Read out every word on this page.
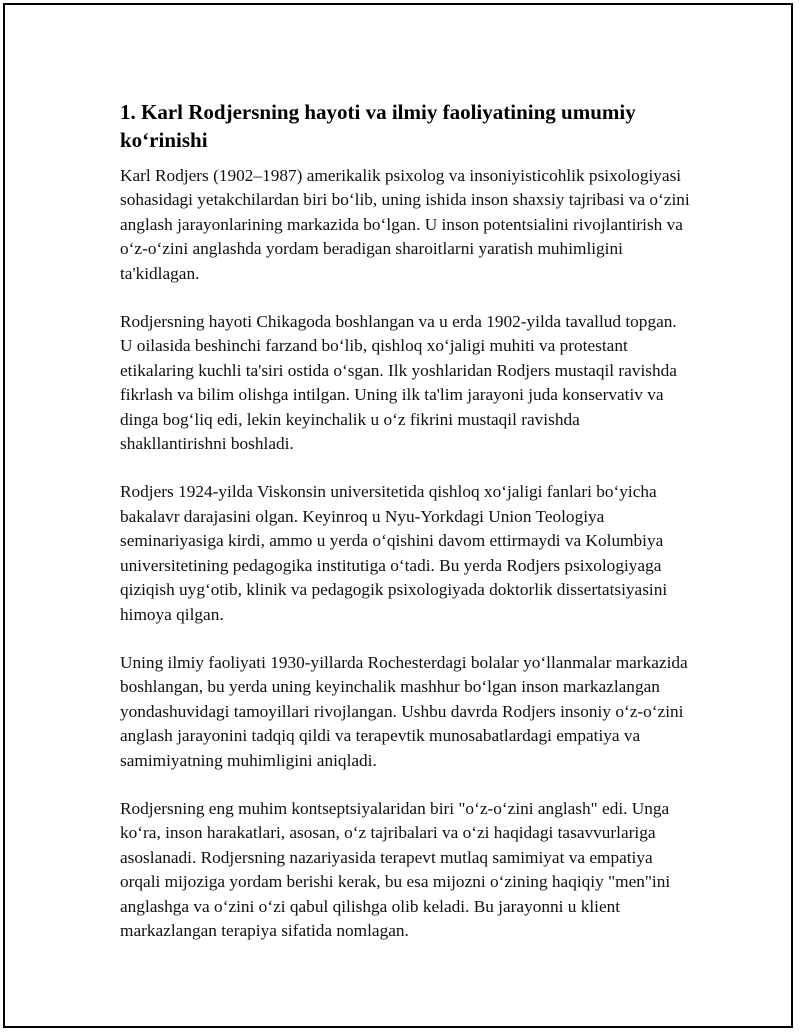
1. Karl Rodjersning hayoti va ilmiy faoliyatining umumiy ko‘rinishi

Karl Rodjers (1902–1987) amerikalik psixolog va insoniyisticohlik psixologiyasi sohasidagi yetakchilardan biri bo‘lib, uning ishida inson shaxsiy tajribasi va o‘zini anglash jarayonlarining markazida bo‘lgan. U inson potentsialini rivojlantirish va o‘z-o‘zini anglashda yordam beradigan sharoitlarni yaratish muhimligini ta'kidlagan.

Rodjersning hayoti Chikagoda boshlangan va u erda 1902-yilda tavallud topgan. U oilasida beshinchi farzand bo‘lib, qishloq xo‘jaligi muhiti va protestant etikalaring kuchli ta'siri ostida o‘sgan. Ilk yoshlaridan Rodjers mustaqil ravishda fikrlash va bilim olishga intilgan. Uning ilk ta'lim jarayoni juda konservativ va dinga bog‘liq edi, lekin keyinchalik u o‘z fikrini mustaqil ravishda shakllantirishni boshladi.

Rodjers 1924-yilda Viskonsin universitetida qishloq xo‘jaligi fanlari bo‘yicha bakalavr darajasini olgan. Keyinroq u Nyu-Yorkdagi Union Teologiya seminariyasiga kirdi, ammo u yerda o‘qishini davom ettirmaydi va Kolumbiya universitetining pedagogika institutiga o‘tadi. Bu yerda Rodjers psixologiyaga qiziqish uyg‘otib, klinik va pedagogik psixologiyada doktorlik dissertatsiyasini himoya qilgan.

Uning ilmiy faoliyati 1930-yillarda Rochesterdagi bolalar yo‘llanmalar markazida boshlangan, bu yerda uning keyinchalik mashhur bo‘lgan inson markazlangan yondashuvidagi tamoyillari rivojlangan. Ushbu davrda Rodjers insoniy o‘z-o‘zini anglash jarayonini tadqiq qildi va terapevtik munosabatlardagi empatiya va samimiyatning muhimligini aniqladi.

Rodjersning eng muhim kontseptsiyalaridan biri "o‘z-o‘zini anglash" edi. Unga ko‘ra, inson harakatlari, asosan, o‘z tajribalari va o‘zi haqidagi tasavvurlariga asoslanadi. Rodjersning nazariyasida terapevt mutlaq samimiyat va empatiya orqali mijoziga yordam berishi kerak, bu esa mijozni o‘zining haqiqiy "men"ini anglashga va o‘zini o‘zi qabul qilishga olib keladi. Bu jarayonni u klient markazlangan terapiya sifatida nomlagan.
